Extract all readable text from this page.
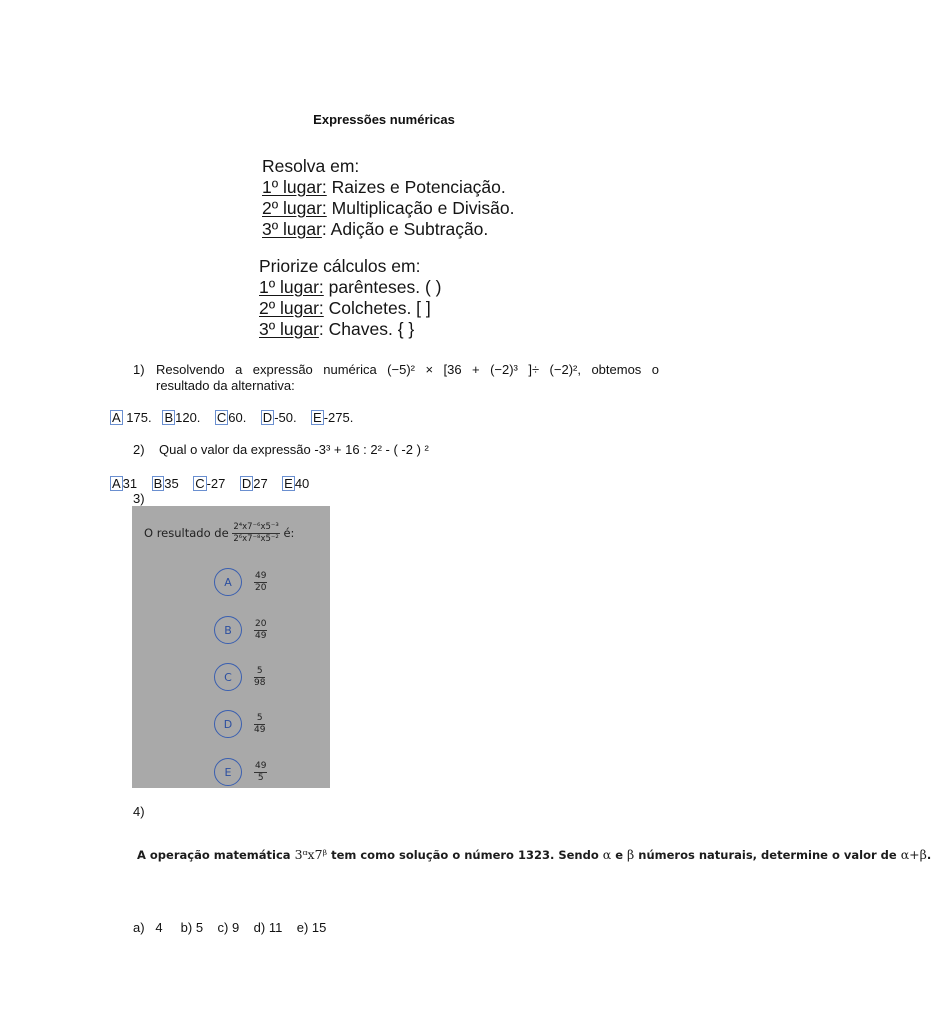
Expressões numéricas
Resolva em:
1º lugar: Raizes e Potenciação.
2º lugar: Multiplicação e Divisão.
3º lugar: Adição e Subtração.
Priorize cálculos em:
1º lugar: parênteses. ( )
2º lugar: Colchetes. [ ]
3º lugar: Chaves. { }
1) Resolvendo a expressão numérica (−5)² × [36 + (−2)³ ]÷ (−2)², obtemos o
resultado da alternativa:
A 175. B 120. C 60. D -50. E -275.
2) Qual o valor da expressão -3³ + 16 : 2² - ( -2 ) ²
A 31 B 35 C -27 D 27 E 40
3)
O resultado de $\frac{\text{2⁴x7⁻⁶x5⁻³}}{\text{2⁶x7⁻⁸x5⁻²}}$ é:
A	$\frac{49}{20}$
B	$\frac{20}{49}$
C	$\frac{5}{98}$
D	$\frac{5}{49}$
E	$\frac{49}{5}$
4)
A operação matemática 3ᵅx7ᵝ tem como solução o número 1323. Sendo α e β números naturais, determine o valor de α+β.
a)   4     b) 5    c) 9    d) 11    e) 15
